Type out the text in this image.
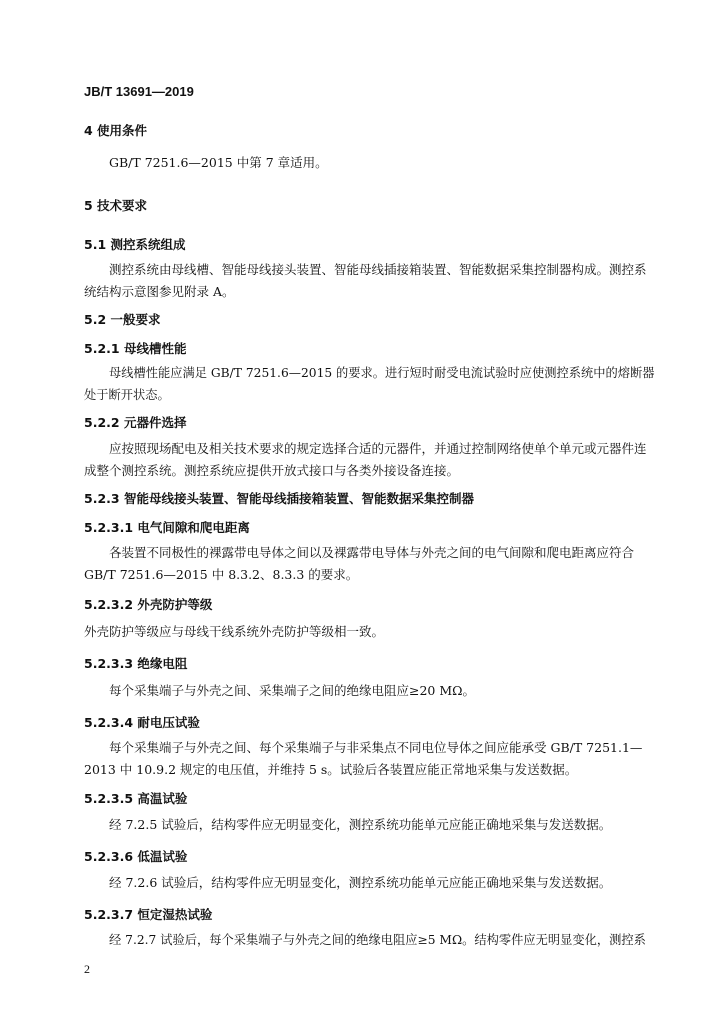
JB/T 13691—2019
4 使用条件
GB/T 7251.6—2015 中第 7 章适用。
5 技术要求
5.1 测控系统组成
测控系统由母线槽、智能母线接头装置、智能母线插接箱装置、智能数据采集控制器构成。测控系
统结构示意图参见附录 A。
5.2 一般要求
5.2.1 母线槽性能
母线槽性能应满足 GB/T 7251.6—2015 的要求。进行短时耐受电流试验时应使测控系统中的熔断器
处于断开状态。
5.2.2 元器件选择
应按照现场配电及相关技术要求的规定选择合适的元器件，并通过控制网络使单个单元或元器件连
成整个测控系统。测控系统应提供开放式接口与各类外接设备连接。
5.2.3 智能母线接头装置、智能母线插接箱装置、智能数据采集控制器
5.2.3.1 电气间隙和爬电距离
各装置不同极性的裸露带电导体之间以及裸露带电导体与外壳之间的电气间隙和爬电距离应符合
GB/T 7251.6—2015 中 8.3.2、8.3.3 的要求。
5.2.3.2 外壳防护等级
外壳防护等级应与母线干线系统外壳防护等级相一致。
5.2.3.3 绝缘电阻
每个采集端子与外壳之间、采集端子之间的绝缘电阻应≥20 MΩ。
5.2.3.4 耐电压试验
每个采集端子与外壳之间、每个采集端子与非采集点不同电位导体之间应能承受 GB/T 7251.1—
2013 中 10.9.2 规定的电压值，并维持 5 s。试验后各装置应能正常地采集与发送数据。
5.2.3.5 高温试验
经 7.2.5 试验后，结构零件应无明显变化，测控系统功能单元应能正确地采集与发送数据。
5.2.3.6 低温试验
经 7.2.6 试验后，结构零件应无明显变化，测控系统功能单元应能正确地采集与发送数据。
5.2.3.7 恒定湿热试验
经 7.2.7 试验后，每个采集端子与外壳之间的绝缘电阻应≥5 MΩ。结构零件应无明显变化，测控系
2
